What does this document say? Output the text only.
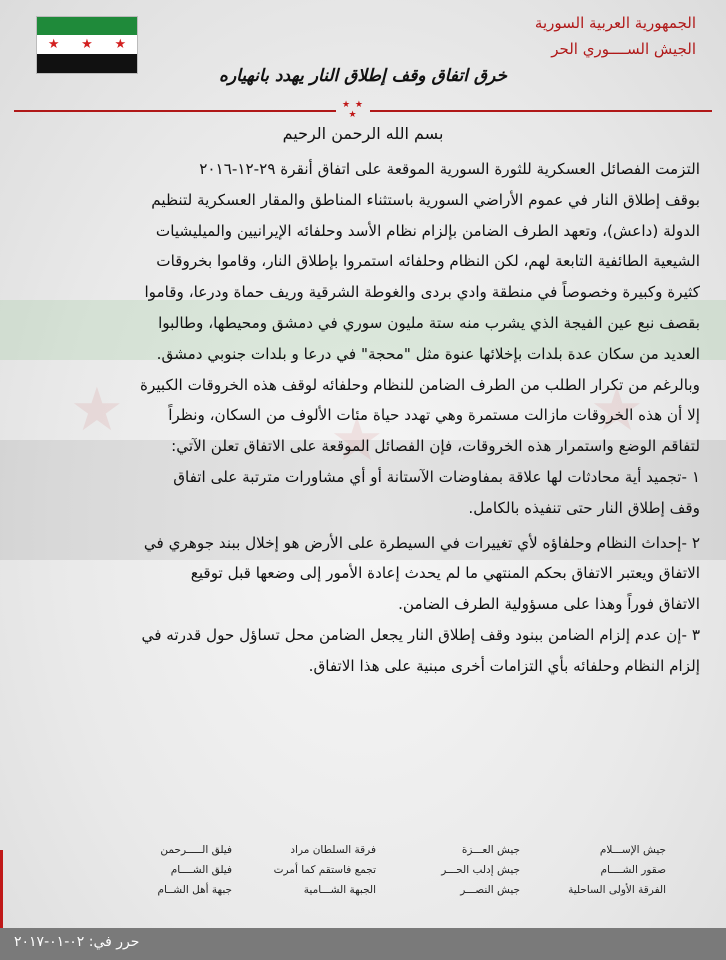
★	★	★
★ ★ ★
الجمهورية العربية السورية
الجيش الســــوري الحر
خرق اتفاق وقف إطلاق النار يهدد بانهياره
★ ★ ★
بسم الله الرحمن الرحيم

التزمت الفصائل العسكرية للثورة السورية الموقعة على اتفاق أنقرة ٢٩-١٢-٢٠١٦

بوقف إطلاق النار في عموم الأراضي السورية باستثناء المناطق والمقار العسكرية لتنظيم

الدولة (داعش)، وتعهد الطرف الضامن بإلزام نظام الأسد وحلفائه الإيرانيين والميليشيات

الشيعية الطائفية التابعة لهم، لكن النظام وحلفائه استمروا بإطلاق النار، وقاموا بخروقات

كثيرة وكبيرة وخصوصاً في منطقة وادي بردى والغوطة الشرقية وريف حماة ودرعا، وقاموا

بقصف نبع عين الفيجة الذي يشرب منه ستة مليون سوري في دمشق ومحيطها، وطالبوا

العديد من سكان عدة بلدات بإخلائها عنوة مثل "محجة" في درعا و بلدات جنوبي دمشق.

وبالرغم من تكرار الطلب من الطرف الضامن للنظام وحلفائه لوقف هذه الخروقات الكبيرة

إلا أن هذه الخروقات مازالت مستمرة وهي تهدد حياة مئات الألوف من السكان، ونظراً

لتفاقم الوضع واستمرار هذه الخروقات، فإن الفصائل الموقعة على الاتفاق تعلن الآتي:

١ -تجميد أية محادثات لها علاقة بمفاوضات الآستانة أو أي مشاورات مترتبة على اتفاق

وقف إطلاق النار حتى تنفيذه بالكامل.

٢ -إحداث النظام وحلفاؤه لأي تغييرات في السيطرة على الأرض هو إخلال ببند جوهري في

الاتفاق ويعتبر الاتفاق بحكم المنتهي ما لم يحدث إعادة الأمور إلى وضعها قبل توقيع

الاتفاق فوراً وهذا على مسؤولية الطرف الضامن.

٣ -إن عدم إلزام الضامن ببنود وقف إطلاق النار يجعل الضامن محل تساؤل حول قدرته في

إلزام النظام وحلفائه بأي التزامات أخرى مبنية على هذا الاتفاق.

جيش الإســـلام
صقور الشــــام
الفرقة الأولى الساحلية
جيش العـــزة
جيش إدلب الحـــر
جيش النصـــر
فرقة السلطان مراد
تجمع فاستقم كما أمرت
الجبهة الشـــامية
فيلق الـــــرحمن
فيلق الشــــام
جبهة أهل الشــام
حرر في: ٠٢-٠١-٢٠١٧
